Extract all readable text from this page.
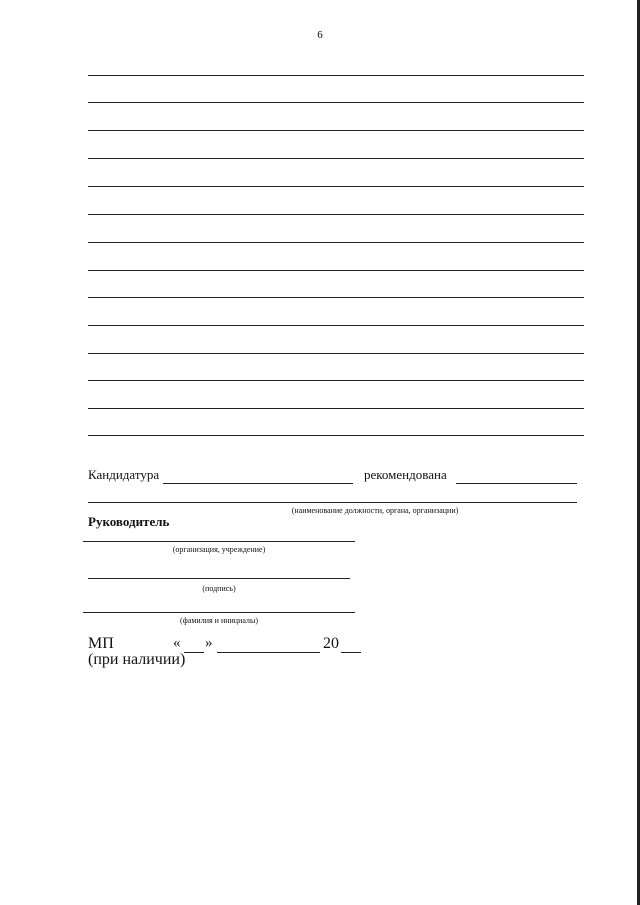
6
Кандидатура	рекомендована
(наименование должности, органа, организации)
Руководитель
(организация, учреждение)
(подпись)
(фамилия и инициалы)
МП
(при наличии)
« »	20
